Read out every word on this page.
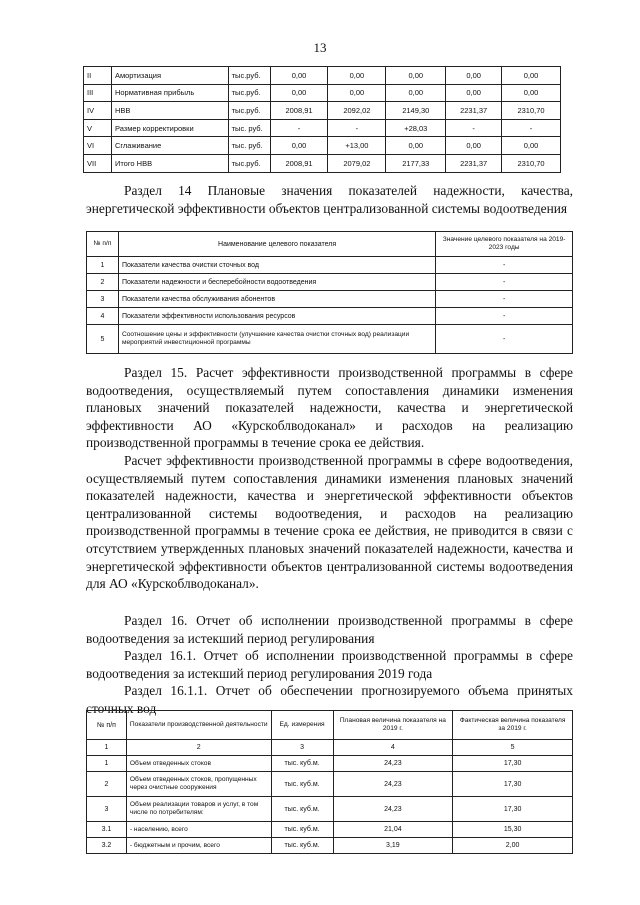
13
II	Амортизация	тыс.руб.	0,00	0,00	0,00	0,00	0,00
III	Нормативная прибыль	тыс.руб.	0,00	0,00	0,00	0,00	0,00
IV	НВВ	тыс.руб.	2008,91	2092,02	2149,30	2231,37	2310,70
V	Размер корректировки	тыс. руб.	-	-	+28,03	-	-
VI	Сглаживание	тыс. руб.	0,00	+13,00	0,00	0,00	0,00
VII	Итого НВВ	тыс.руб.	2008,91	2079,02	2177,33	2231,37	2310,70

Раздел 14 Плановые значения показателей надежности, качества, энергетической эффективности объектов централизованной системы водоотведения

№ п/п	Наименование целевого показателя	Значение целевого показателя на 2019-2023 годы
1	Показатели качества очистки сточных вод	-
2	Показатели надежности и бесперебойности водоотведения	-
3	Показатели качества обслуживания абонентов	-
4	Показатели эффективности использования ресурсов	-
5	Соотношение цены и эффективности (улучшение качества очистки сточных вод) реализации мероприятий инвестиционной программы	-

Раздел 15. Расчет эффективности производственной программы в сфере водоотведения, осуществляемый путем сопоставления динамики изменения плановых значений показателей надежности, качества и энергетической эффективности АО «Курскоблводоканал» и расходов на реализацию производственной программы в течение срока ее действия.

Расчет эффективности производственной программы в сфере водоотведения, осуществляемый путем сопоставления динамики изменения плановых значений показателей надежности, качества и энергетической эффективности объектов централизованной системы водоотведения, и расходов на реализацию производственной программы в течение срока ее действия, не приводится в связи с отсутствием утвержденных плановых значений показателей надежности, качества и энергетической эффективности объектов централизованной системы водоотведения для АО «Курскоблводоканал».

Раздел 16. Отчет об исполнении производственной программы в сфере водоотведения за истекший период регулирования

Раздел 16.1. Отчет об исполнении производственной программы в сфере водоотведения за истекший период регулирования 2019 года

Раздел 16.1.1. Отчет об обеспечении прогнозируемого объема принятых сточных вод

№ п/п	Показатели производственной деятельности	Ед. измерения	Плановая величина показателя на 2019 г.	Фактическая величина показателя за 2019 г.
1	2	3	4	5
1	Объем отведенных стоков	тыс. куб.м.	24,23	17,30
2	Объем отведенных стоков, пропущенных через очистные сооружения	тыс. куб.м.	24,23	17,30
3	Объем реализации товаров и услуг, в том числе по потребителям:	тыс. куб.м.	24,23	17,30
3.1	- населению, всего	тыс. куб.м.	21,04	15,30
3.2	- бюджетным и прочим, всего	тыс. куб.м.	3,19	2,00
